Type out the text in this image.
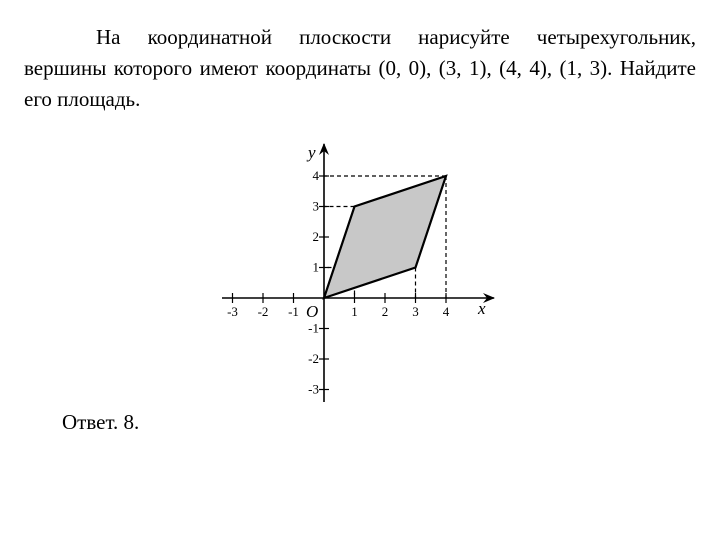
На координатной плоскости нарисуйте четырехугольник, вершины которого имеют координаты (0, 0), (3, 1), (4, 4), (1, 3). Найдите его площадь.
-3 -2 -1	1 2 3 4
4
3
2
1
-1
-2
-3
O	x
y
Ответ. 8.
